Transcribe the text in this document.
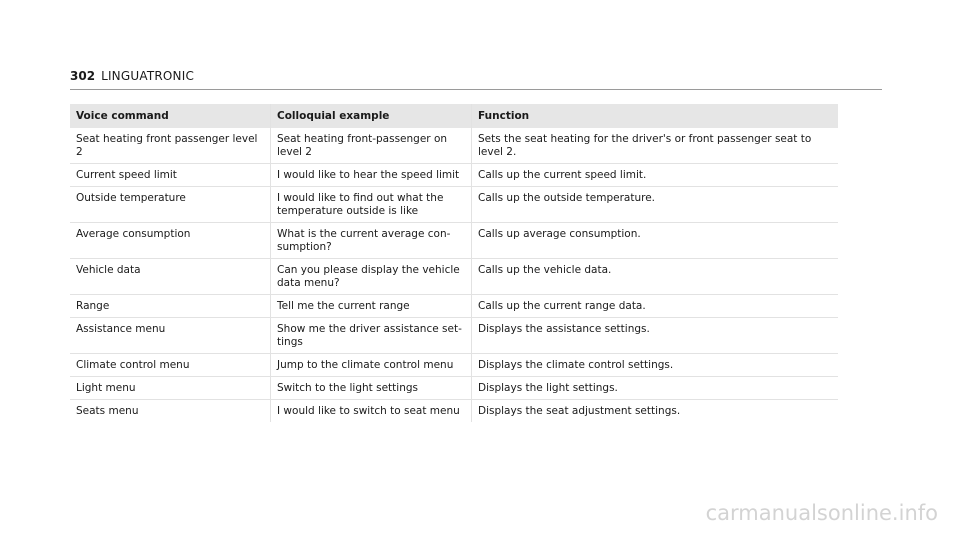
302 LINGUATRONIC
Voice command	Colloquial example	Function
Seat heating front passenger level 2	Seat heating front-passenger on level 2	Sets the seat heating for the driver's or front passenger seat to level 2.
Current speed limit	I would like to hear the speed limit	Calls up the current speed limit.
Outside temperature	I would like to find out what the temperature outside is like	Calls up the outside temperature.
Average consumption	What is the current average con-sumption?	Calls up average consumption.
Vehicle data	Can you please display the vehicle data menu?	Calls up the vehicle data.
Range	Tell me the current range	Calls up the current range data.
Assistance menu	Show me the driver assistance set-tings	Displays the assistance settings.
Climate control menu	Jump to the climate control menu	Displays the climate control settings.
Light menu	Switch to the light settings	Displays the light settings.
Seats menu	I would like to switch to seat menu	Displays the seat adjustment settings.
carmanualsonline.info
